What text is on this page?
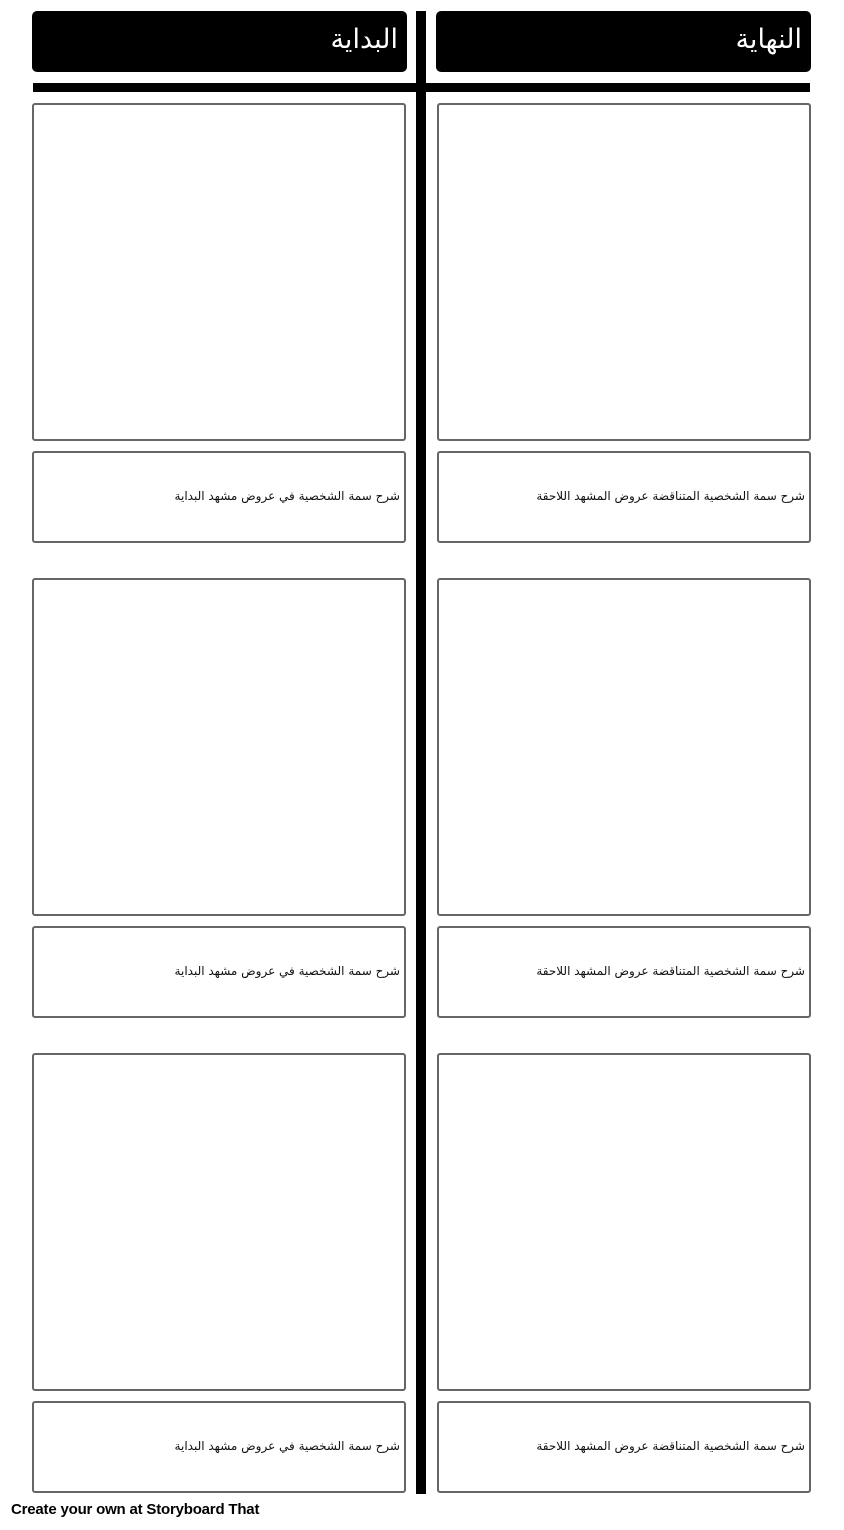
البداية	النهاية
شرح سمة الشخصية في عروض مشهد البداية	شرح سمة الشخصية المتناقضة عروض المشهد اللاحقة
شرح سمة الشخصية في عروض مشهد البداية	شرح سمة الشخصية المتناقضة عروض المشهد اللاحقة
شرح سمة الشخصية في عروض مشهد البداية	شرح سمة الشخصية المتناقضة عروض المشهد اللاحقة
Create your own at Storyboard That
